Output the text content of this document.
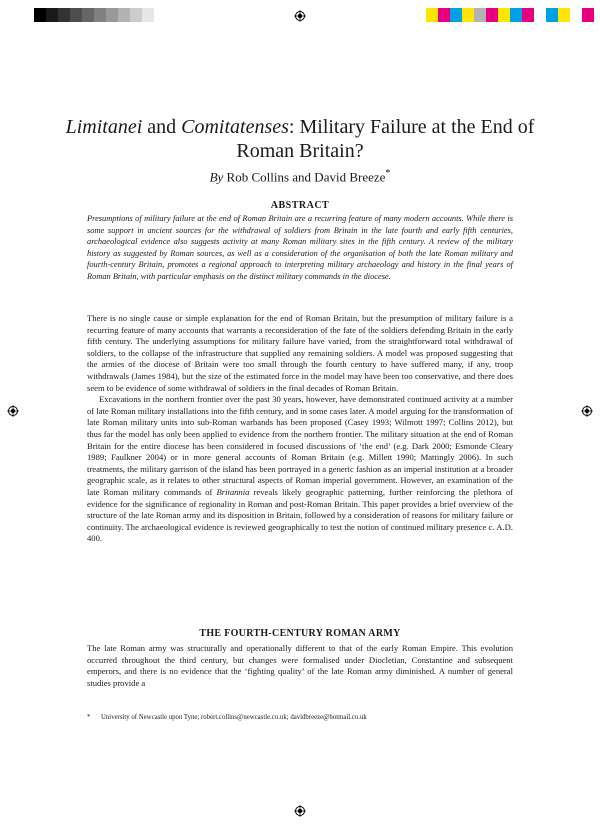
Limitanei and Comitatenses: Military Failure at the End of Roman Britain?
By Rob Collins and David Breeze*
ABSTRACT
Presumptions of military failure at the end of Roman Britain are a recurring feature of many modern accounts. While there is some support in ancient sources for the withdrawal of soldiers from Britain in the late fourth and early fifth centuries, archaeological evidence also suggests activity at many Roman military sites in the fifth century. A review of the military history as suggested by Roman sources, as well as a consideration of the organisation of both the late Roman military and fourth-century Britain, promotes a regional approach to interpreting military archaeology and history in the final years of Roman Britain, with particular emphasis on the distinct military commands in the diocese.

There is no single cause or simple explanation for the end of Roman Britain, but the presumption of military failure is a recurring feature of many accounts that warrants a reconsideration of the fate of the soldiers defending Britain in the early fifth century. The underlying assumptions for military failure have varied, from the straightforward total withdrawal of soldiers, to the collapse of the infrastructure that supplied any remaining soldiers. A model was proposed suggesting that the armies of the diocese of Britain were too small through the fourth century to have suffered many, if any, troop withdrawals (James 1984), but the size of the estimated force in the model may have been too conservative, and there does seem to be evidence of some withdrawal of soldiers in the final decades of Roman Britain.

Excavations in the northern frontier over the past 30 years, however, have demonstrated continued activity at a number of late Roman military installations into the fifth century, and in some cases later. A model arguing for the transformation of late Roman military units into sub-Roman warbands has been proposed (Casey 1993; Wilmott 1997; Collins 2012), but thus far the model has only been applied to evidence from the northern frontier. The military situation at the end of Roman Britain for the entire diocese has been considered in focused discussions of ‘the end’ (e.g. Dark 2000; Esmonde Cleary 1989; Faulkner 2004) or in more general accounts of Roman Britain (e.g. Millett 1990; Mattingly 2006). In such treatments, the military garrison of the island has been portrayed in a generic fashion as an imperial institution at a broader geographic scale, as it relates to other structural aspects of Roman imperial government. However, an examination of the late Roman military commands of Britannia reveals likely geographic patterning, further reinforcing the plethora of evidence for the significance of regionality in Roman and post-Roman Britain. This paper provides a brief overview of the structure of the late Roman army and its disposition in Britain, followed by a consideration of reasons for military failure or continuity. The archaeological evidence is reviewed geographically to test the notion of continued military presence c. A.D. 400.

THE FOURTH-CENTURY ROMAN ARMY
The late Roman army was structurally and operationally different to that of the early Roman Empire. This evolution occurred throughout the third century, but changes were formalised under Diocletian, Constantine and subsequent emperors, and there is no evidence that the ‘fighting quality’ of the late Roman army diminished. A number of general studies provide a
* University of Newcastle upon Tyne; robert.collins@newcastle.co.uk; davidbreeze@hotmail.co.uk
